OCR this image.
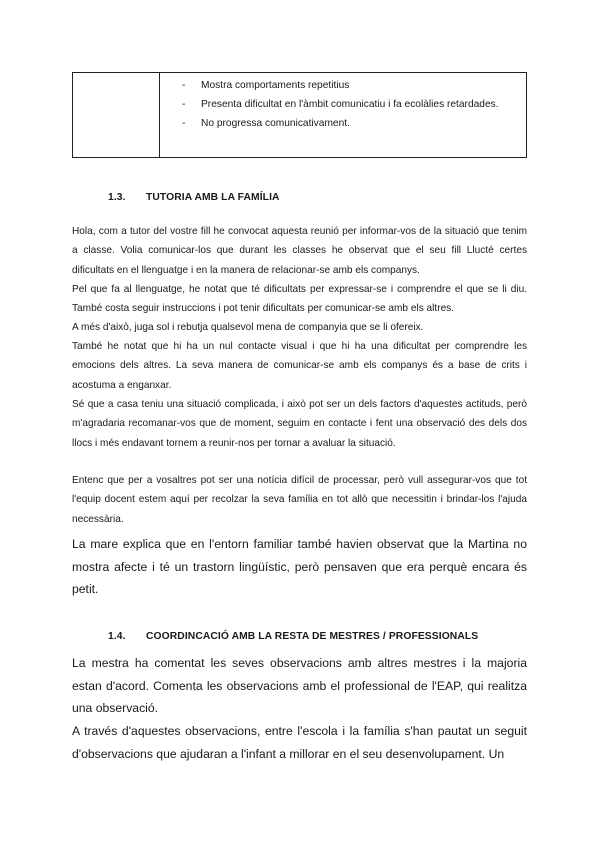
-	Mostra comportaments repetitius
-	Presenta dificultat en l'àmbit comunicatiu i fa ecolàlies retardades.
-	No progressa comunicativament.
1.3. TUTORIA AMB LA FAMÍLIA

Hola, com a tutor del vostre fill he convocat aquesta reunió per informar-vos de la situació que tenim a classe. Volia comunicar-los que durant les classes he observat que el seu fill Llucté certes dificultats en el llenguatge i en la manera de relacionar-se amb els companys.

Pel que fa al llenguatge, he notat que té dificultats per expressar-se i comprendre el que se li diu. També costa seguir instruccions i pot tenir dificultats per comunicar-se amb els altres.

A més d'això, juga sol i rebutja qualsevol mena de companyia que se li ofereix.

També he notat que hi ha un nul contacte visual i que hi ha una dificultat per comprendre les emocions dels altres. La seva manera de comunicar-se amb els companys és a base de crits i acostuma a enganxar.

Sé que a casa teniu una situació complicada, i això pot ser un dels factors d'aquestes actituds, però m'agradaria recomanar-vos que de moment, seguim en contacte i fent una observació des dels dos llocs i més endavant tornem a reunir-nos per tornar a avaluar la situació.

Entenc que per a vosaltres pot ser una notícia difícil de processar, però vull assegurar-vos que tot l'equip docent estem aquí per recolzar la seva família en tot allò que necessitin i brindar-los l'ajuda necessària.

La mare explica que en l'entorn familiar també havien observat que la Martina no mostra afecte i té un trastorn lingüístic, però pensaven que era perquè encara és petit.

1.4. COORDINCACIÓ AMB LA RESTA DE MESTRES / PROFESSIONALS

La mestra ha comentat les seves observacions amb altres mestres i la majoria estan d'acord. Comenta les observacions amb el professional de l'EAP, qui realitza una observació.

A través d'aquestes observacions, entre l'escola i la família s'han pautat un seguit d'observacions que ajudaran a l'infant a millorar en el seu desenvolupament. Un
